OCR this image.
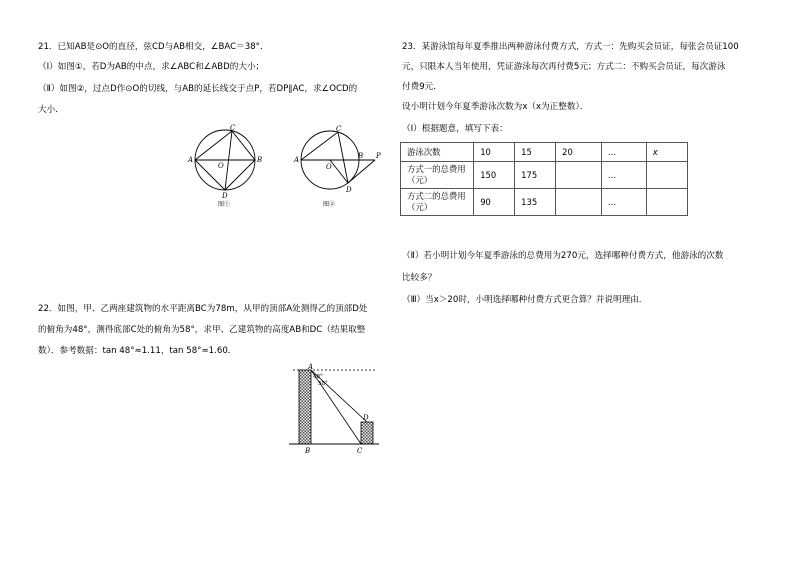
21．已知AB是⊙O的直径，弦CD与AB相交，∠BAC＝38°．
（Ⅰ）如图①，若D为AB的中点，求∠ABC和∠ABD的大小；
（Ⅱ）如图②，过点D作⊙O的切线，与AB的延长线交于点P，若DP∥AC，求∠OCD的
大小．
A	B
C
D
O
图①
A	B
C
D
O
P
图②
22．如图，甲、乙两座建筑物的水平距离BC为78m，从甲的顶部A处测得乙的顶部D处
的俯角为48°，测得底部C处的俯角为58°，求甲、乙建筑物的高度AB和DC（结果取整
数）．参考数据：tan 48°≈1.11，tan 58°≈1.60．
A
B	C
D
48°
58°
23．某游泳馆每年夏季推出两种游泳付费方式，方式一：先购买会员证，每张会员证100
元，只限本人当年使用，凭证游泳每次再付费5元；方式二：不购买会员证，每次游泳
付费9元．
设小明计划今年夏季游泳次数为x（x为正整数）．
（Ⅰ）根据题意，填写下表：
游泳次数	10	15	20	…	x

方式一的总费用
（元）	150	175		…	

方式二的总费用
（元）	90	135		…	
（Ⅱ）若小明计划今年夏季游泳的总费用为270元，选择哪种付费方式，他游泳的次数
比较多？
（Ⅲ）当x＞20时，小明选择哪种付费方式更合算？并说明理由．
